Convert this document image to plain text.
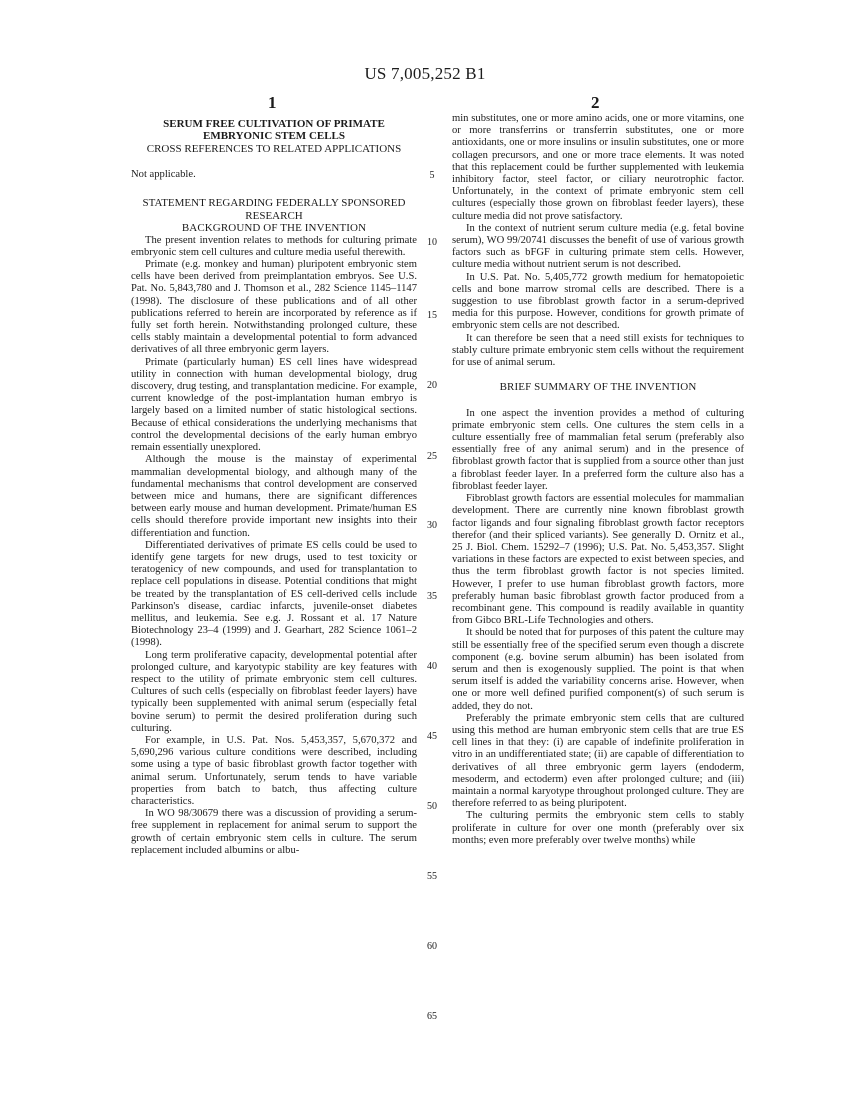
US 7,005,252 B1
1	2

SERUM FREE CULTIVATION OF PRIMATE EMBRYONIC STEM CELLS

CROSS REFERENCES TO RELATED APPLICATIONS

Not applicable.

STATEMENT REGARDING FEDERALLY SPONSORED RESEARCH

BACKGROUND OF THE INVENTION

The present invention relates to methods for culturing primate embryonic stem cell cultures and culture media useful therewith.

Primate (e.g. monkey and human) pluripotent embryonic stem cells have been derived from preimplantation embryos. See U.S. Pat. No. 5,843,780 and J. Thomson et al., 282 Science 1145–1147 (1998). The disclosure of these publications and of all other publications referred to herein are incorporated by reference as if fully set forth herein. Notwithstanding prolonged culture, these cells stably maintain a developmental potential to form advanced derivatives of all three embryonic germ layers.

Primate (particularly human) ES cell lines have widespread utility in connection with human developmental biology, drug discovery, drug testing, and transplantation medicine. For example, current knowledge of the post-implantation human embryo is largely based on a limited number of static histological sections. Because of ethical considerations the underlying mechanisms that control the developmental decisions of the early human embryo remain essentially unexplored.

Although the mouse is the mainstay of experimental mammalian developmental biology, and although many of the fundamental mechanisms that control development are conserved between mice and humans, there are significant differences between early mouse and human development. Primate/human ES cells should therefore provide important new insights into their differentiation and function.

Differentiated derivatives of primate ES cells could be used to identify gene targets for new drugs, used to test toxicity or teratogenicy of new compounds, and used for transplantation to replace cell populations in disease. Potential conditions that might be treated by the transplantation of ES cell-derived cells include Parkinson's disease, cardiac infarcts, juvenile-onset diabetes mellitus, and leukemia. See e.g. J. Rossant et al. 17 Nature Biotechnology 23–4 (1999) and J. Gearhart, 282 Science 1061–2 (1998).

Long term proliferative capacity, developmental potential after prolonged culture, and karyotypic stability are key features with respect to the utility of primate embryonic stem cell cultures. Cultures of such cells (especially on fibroblast feeder layers) have typically been supplemented with animal serum (especially fetal bovine serum) to permit the desired proliferation during such culturing.

For example, in U.S. Pat. Nos. 5,453,357, 5,670,372 and 5,690,296 various culture conditions were described, including some using a type of basic fibroblast growth factor together with animal serum. Unfortunately, serum tends to have variable properties from batch to batch, thus affecting culture characteristics.

In WO 98/30679 there was a discussion of providing a serum-free supplement in replacement for animal serum to support the growth of certain embryonic stem cells in culture. The serum replacement included albumins or albu-

min substitutes, one or more amino acids, one or more vitamins, one or more transferrins or transferrin substitutes, one or more antioxidants, one or more insulins or insulin substitutes, one or more collagen precursors, and one or more trace elements. It was noted that this replacement could be further supplemented with leukemia inhibitory factor, steel factor, or ciliary neurotrophic factor. Unfortunately, in the context of primate embryonic stem cell cultures (especially those grown on fibroblast feeder layers), these culture media did not prove satisfactory.

In the context of nutrient serum culture media (e.g. fetal bovine serum), WO 99/20741 discusses the benefit of use of various growth factors such as bFGF in culturing primate stem cells. However, culture media without nutrient serum is not described.

In U.S. Pat. No. 5,405,772 growth medium for hematopoietic cells and bone marrow stromal cells are described. There is a suggestion to use fibroblast growth factor in a serum-deprived media for this purpose. However, conditions for growth primate of embryonic stem cells are not described.

It can therefore be seen that a need still exists for techniques to stably culture primate embryonic stem cells without the requirement for use of animal serum.

BRIEF SUMMARY OF THE INVENTION

In one aspect the invention provides a method of culturing primate embryonic stem cells. One cultures the stem cells in a culture essentially free of mammalian fetal serum (preferably also essentially free of any animal serum) and in the presence of fibroblast growth factor that is supplied from a source other than just a fibroblast feeder layer. In a preferred form the culture also has a fibroblast feeder layer.

Fibroblast growth factors are essential molecules for mammalian development. There are currently nine known fibroblast growth factor ligands and four signaling fibroblast growth factor receptors therefor (and their spliced variants). See generally D. Ornitz et al., 25 J. Biol. Chem. 15292–7 (1996); U.S. Pat. No. 5,453,357. Slight variations in these factors are expected to exist between species, and thus the term fibroblast growth factor is not species limited. However, I prefer to use human fibroblast growth factors, more preferably human basic fibroblast growth factor produced from a recombinant gene. This compound is readily available in quantity from Gibco BRL-Life Technologies and others.

It should be noted that for purposes of this patent the culture may still be essentially free of the specified serum even though a discrete component (e.g. bovine serum albumin) has been isolated from serum and then is exogenously supplied. The point is that when serum itself is added the variability concerns arise. However, when one or more well defined purified component(s) of such serum is added, they do not.

Preferably the primate embryonic stem cells that are cultured using this method are human embryonic stem cells that are true ES cell lines in that they: (i) are capable of indefinite proliferation in vitro in an undifferentiated state; (ii) are capable of differentiation to derivatives of all three embryonic germ layers (endoderm, mesoderm, and ectoderm) even after prolonged culture; and (iii) maintain a normal karyotype throughout prolonged culture. They are therefore referred to as being pluripotent.

The culturing permits the embryonic stem cells to stably proliferate in culture for over one month (preferably over six months; even more preferably over twelve months) while

5
10
15
20
25
30
35
40
45
50
55
60
65
